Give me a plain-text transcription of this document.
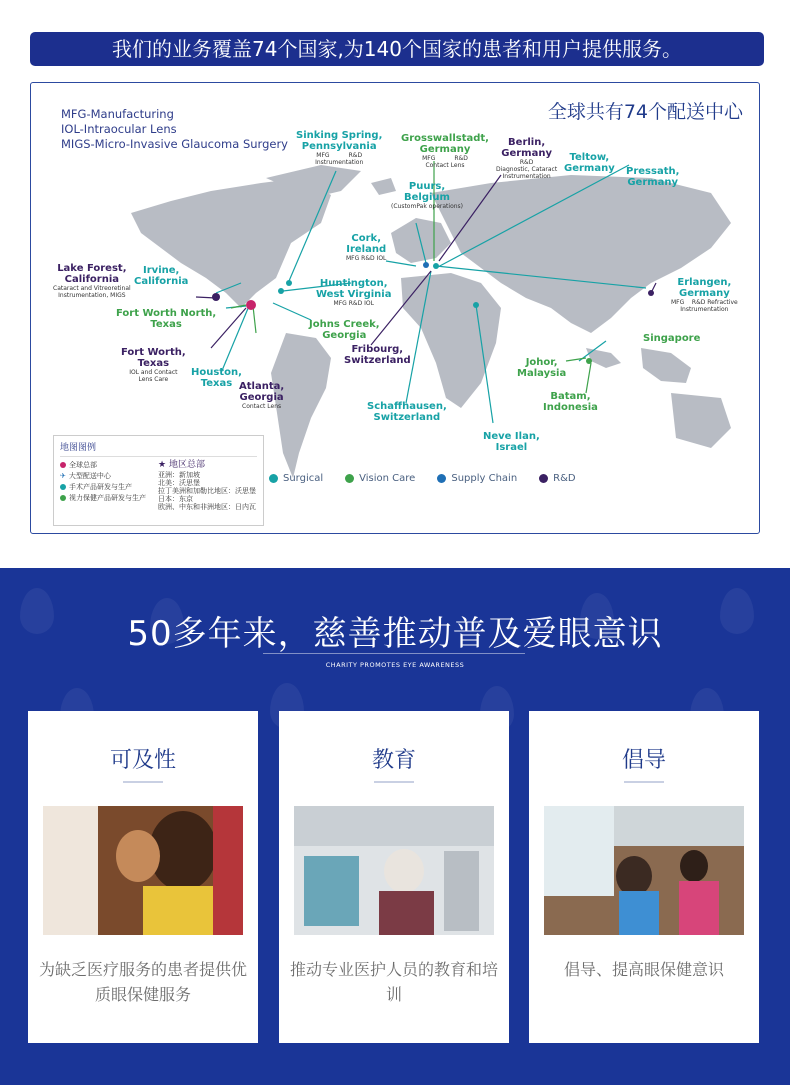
我们的业务覆盖74个国家,为140个国家的患者和用户提供服务。
MFG-Manufacturing
IOL-Intraocular Lens
MIGS-Micro-Invasive Glaucoma Surgery
全球共有74个配送中心
Sinking Spring,
Pennsylvania
MFG          R&D
Instrumentation
Grosswallstadt,
Germany
MFG          R&D
Contact Lens
Berlin,
Germany
R&D
Diagnostic, Cataract
Instrumentation
Teltow,
Germany Pressath,
Germany
Puurs,
Belgium
(CustomPak operations)
Cork,
Ireland
MFG R&D IOL
Huntington,
West Virginia
MFG R&D IOL
Lake Forest,
California
Cataract and Vitreoretinal
Instrumentation, MIGS
Irvine,
California
Fort Worth North,
Texas	Johns Creek,
Georgia
Fort Worth,
Texas
IOL and Contact
Lens Care
Houston,
Texas Atlanta,
Georgia
Contact Lens
Fribourg,
Switzerland
Schaffhausen,
Switzerland
Neve Ilan,
Israel
Erlangen,
Germany
MFG    R&D Refractive
Instrumentation
Singapore
Johor,
Malaysia
Batam,
Indonesia
地图图例
全球总部
✈ 大型配送中心
手术产品研发与生产
视力保健产品研发与生产
★ 地区总部
亚洲：新加坡
北美：沃思堡
拉丁美洲和加勒比地区：沃思堡
日本：东京
欧洲、中东和非洲地区：日内瓦
Surgical	Vision Care	Supply Chain	R&D
50多年来，慈善推动普及爱眼意识
CHARITY PROMOTES EYE AWARENESS
可及性
为缺乏医疗服务的患者提供优质眼保健服务
教育
推动专业医护人员的教育和培训
倡导
倡导、提高眼保健意识
